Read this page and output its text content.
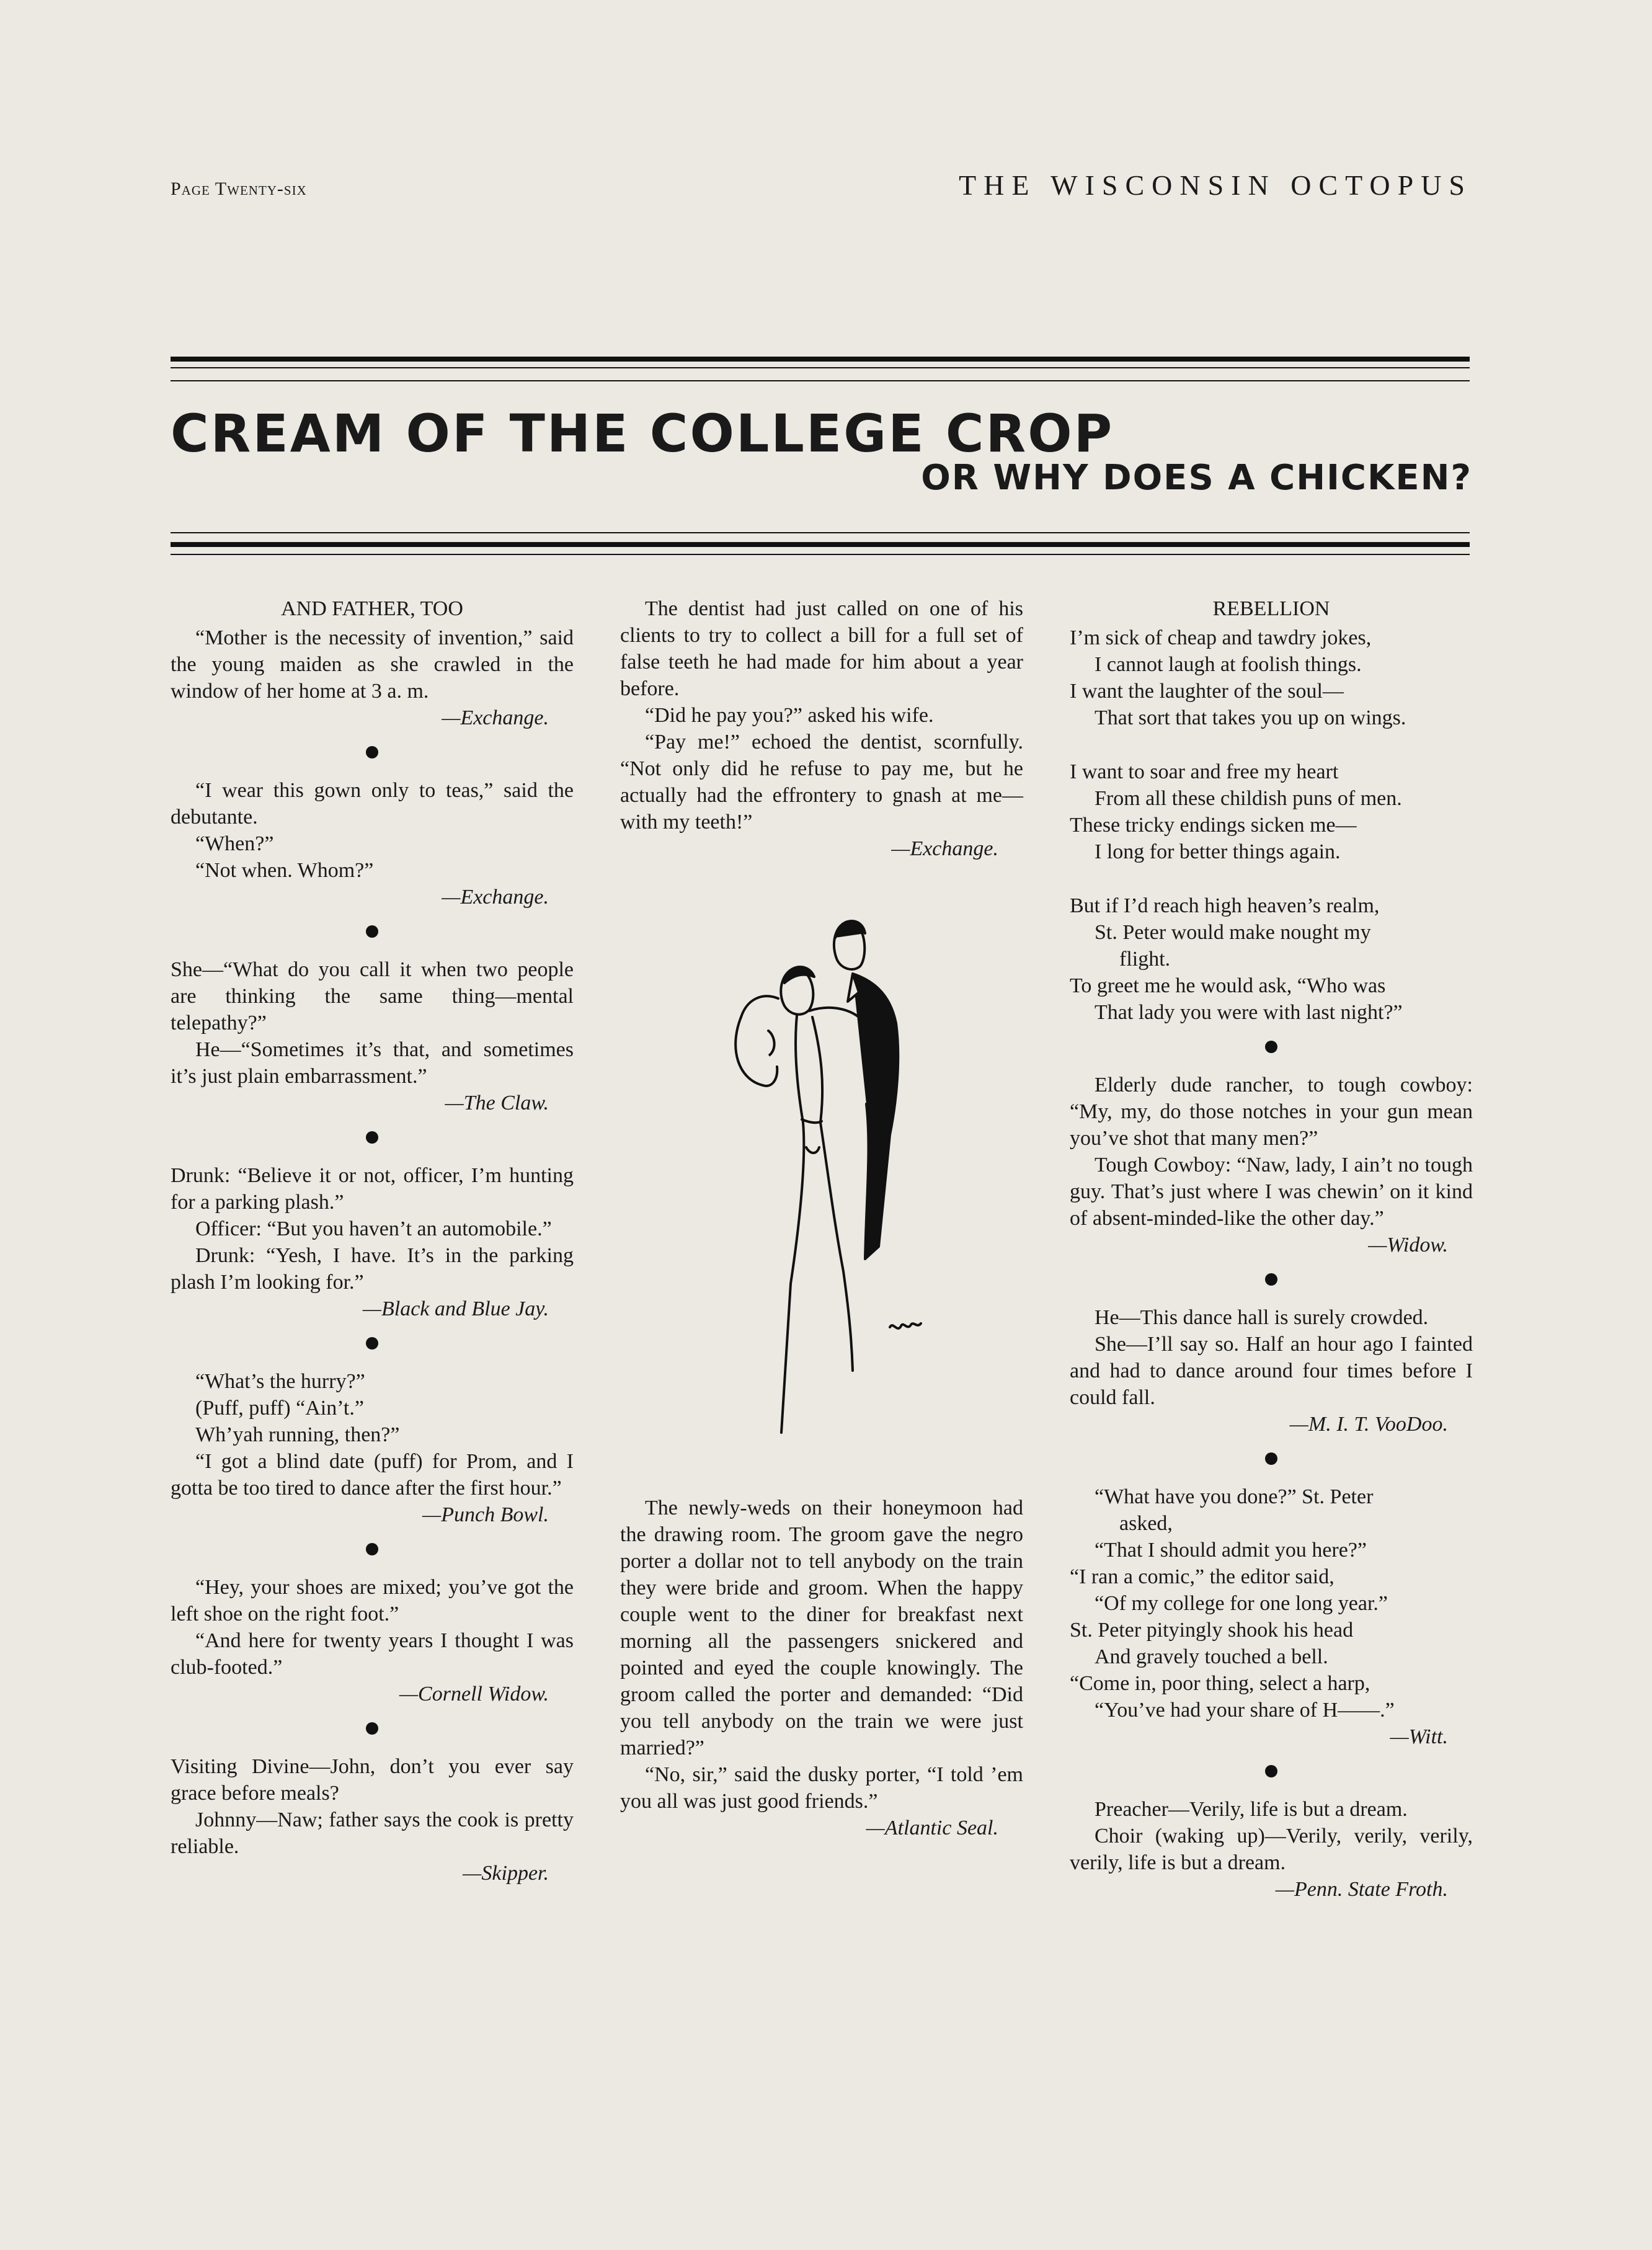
Page Twenty-six	THE WISCONSIN OCTOPUS
CREAM OF THE COLLEGE CROP
OR WHY DOES A CHICKEN?
AND FATHER, TOO

“Mother is the necessity of invention,” said the young maiden as she crawled in the window of her home at 3 a. m.

—Exchange.

“I wear this gown only to teas,” said the debutante.

“When?”

“Not when. Whom?”

—Exchange.

She—“What do you call it when two people are thinking the same thing—mental telepathy?”

He—“Sometimes it’s that, and sometimes it’s just plain embarrassment.”

—The Claw.

Drunk: “Believe it or not, officer, I’m hunting for a parking plash.”

Officer: “But you haven’t an automobile.”

Drunk: “Yesh, I have. It’s in the parking plash I’m looking for.”

—Black and Blue Jay.

“What’s the hurry?”

(Puff, puff) “Ain’t.”

Wh’yah running, then?”

“I got a blind date (puff) for Prom, and I gotta be too tired to dance after the first hour.”

—Punch Bowl.

“Hey, your shoes are mixed; you’ve got the left shoe on the right foot.”

“And here for twenty years I thought I was club-footed.”

—Cornell Widow.

Visiting Divine—John, don’t you ever say grace before meals?

Johnny—Naw; father says the cook is pretty reliable.

—Skipper.

The dentist had just called on one of his clients to try to collect a bill for a full set of false teeth he had made for him about a year before.

“Did he pay you?” asked his wife.

“Pay me!” echoed the dentist, scornfully. “Not only did he refuse to pay me, but he actually had the effrontery to gnash at me—with my teeth!”

—Exchange.

The newly-weds on their honeymoon had the drawing room. The groom gave the negro porter a dollar not to tell anybody on the train they were bride and groom. When the happy couple went to the diner for breakfast next morning all the passengers snickered and pointed and eyed the couple knowingly. The groom called the porter and demanded: “Did you tell anybody on the train we were just married?”

“No, sir,” said the dusky porter, “I told ’em you all was just good friends.”

—Atlantic Seal.

REBELLION
I’m sick of cheap and tawdry jokes,
I cannot laugh at foolish things.
I want the laughter of the soul—
That sort that takes you up on wings.
I want to soar and free my heart
From all these childish puns of men.
These tricky endings sicken me—
I long for better things again.
But if I’d reach high heaven’s realm,
St. Peter would make nought my
flight.
To greet me he would ask, “Who was
That lady you were with last night?”

Elderly dude rancher, to tough cowboy: “My, my, do those notches in your gun mean you’ve shot that many men?”

Tough Cowboy: “Naw, lady, I ain’t no tough guy. That’s just where I was chewin’ on it kind of absent-minded-like the other day.”

—Widow.

He—This dance hall is surely crowded.

She—I’ll say so. Half an hour ago I fainted and had to dance around four times before I could fall.

—M. I. T. VooDoo.

“What have you done?” St. Peter
asked,
“That I should admit you here?”
“I ran a comic,” the editor said,
“Of my college for one long year.”
St. Peter pityingly shook his head
And gravely touched a bell.
“Come in, poor thing, select a harp,
“You’ve had your share of H——.”

—Witt.

Preacher—Verily, life is but a dream.

Choir (waking up)—Verily, verily, verily, verily, life is but a dream.

—Penn. State Froth.
